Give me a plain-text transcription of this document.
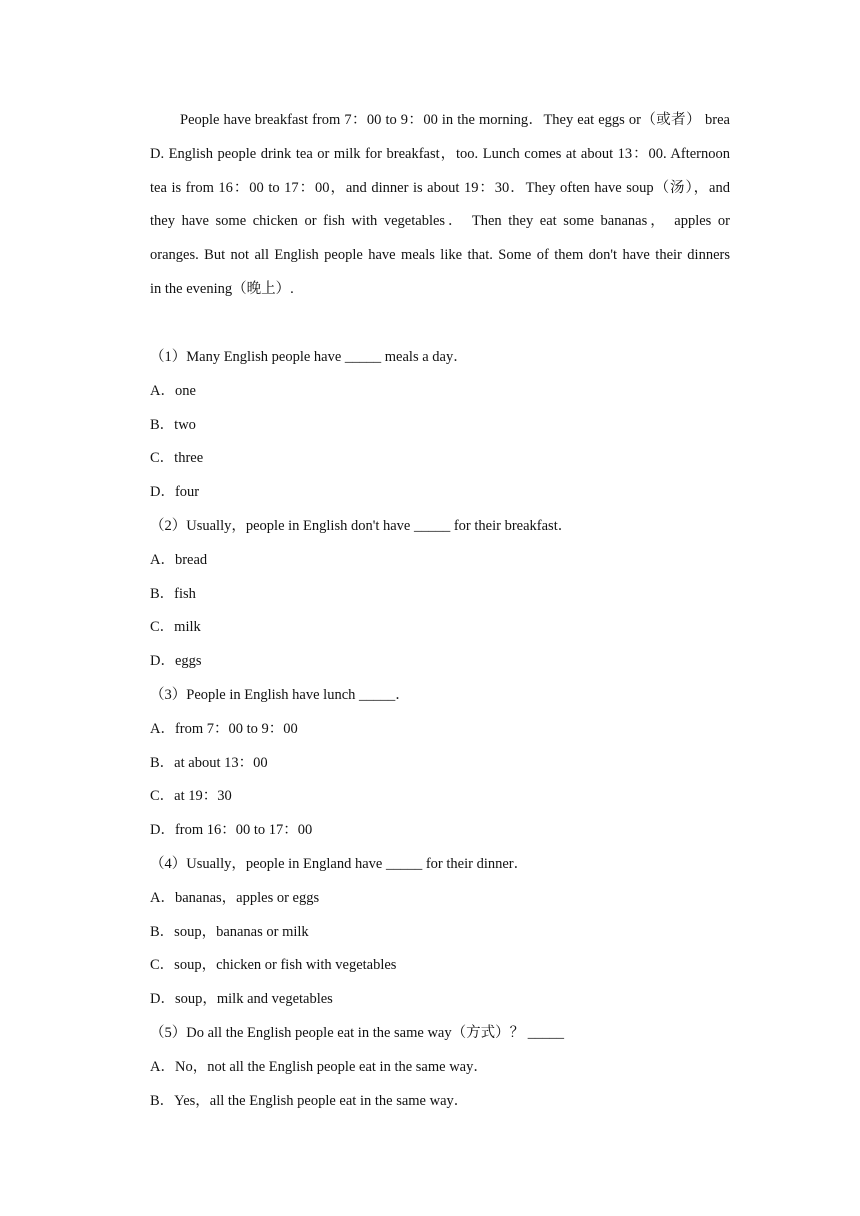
People have breakfast from 7：00 to 9：00 in the morning．They eat eggs or（或者） brea
D. English people drink tea or milk for breakfast，too. Lunch comes at about 13：00. Afternoon
tea is from 16：00 to 17：00，and dinner is about 19：30．They often have soup（汤），and
they have some chicken or fish with vegetables． Then they eat some bananas， apples or
oranges. But not all English people have meals like that. Some of them don't have their dinners
in the evening（晚上）.
（1）Many English people have _____ meals a day．
A．one
B．two
C．three
D．four
（2）Usually，people in English don't have _____ for their breakfast．
A．bread
B．fish
C．milk
D．eggs
（3）People in English have lunch _____．
A．from 7：00 to 9：00
B．at about 13：00
C．at 19：30
D．from 16：00 to 17：00
（4）Usually，people in England have _____ for their dinner．
A．bananas，apples or eggs
B．soup，bananas or milk
C．soup，chicken or fish with vegetables
D．soup，milk and vegetables
（5）Do all the English people eat in the same way（方式）？ _____
A．No，not all the English people eat in the same way．
B．Yes，all the English people eat in the same way．
